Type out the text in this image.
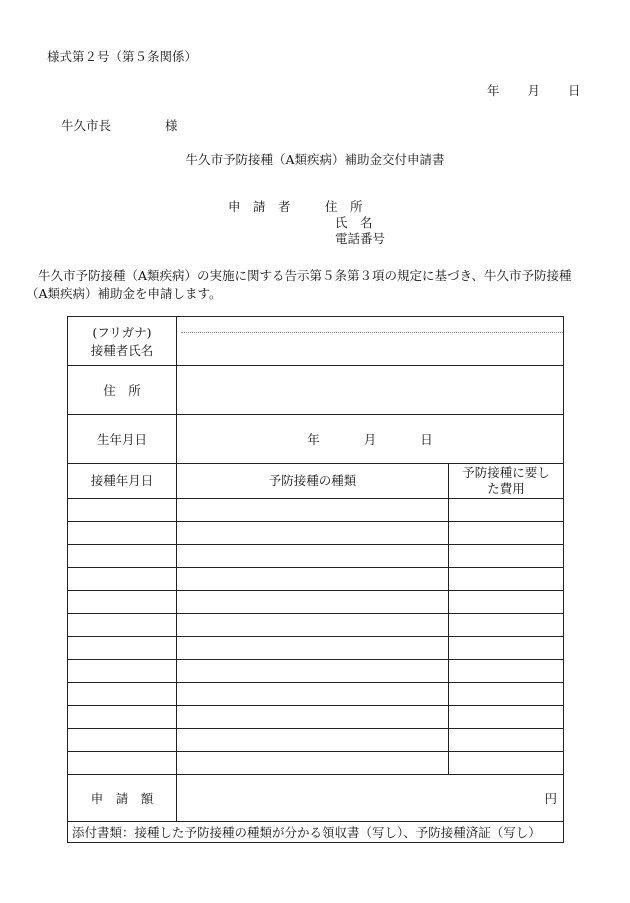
様式第２号（第５条関係）
年 月 日
牛久市長	様
牛久市予防接種（A類疾病）補助金交付申請書
申　請　者	住　所
氏　名
電話番号
牛久市予防接種（A類疾病）の実施に関する告示第５条第３項の規定に基づき、牛久市予防接種（A類疾病）補助金を申請します。
(フリガナ)
接種者氏名		

住　所		
生年月日	年 月 日	
接種年月日	予防接種の種類	予防接種に要した費用

申　請　額	円	
添付書類：接種した予防接種の種類が分かる領収書（写し）、予防接種済証（写し）		
